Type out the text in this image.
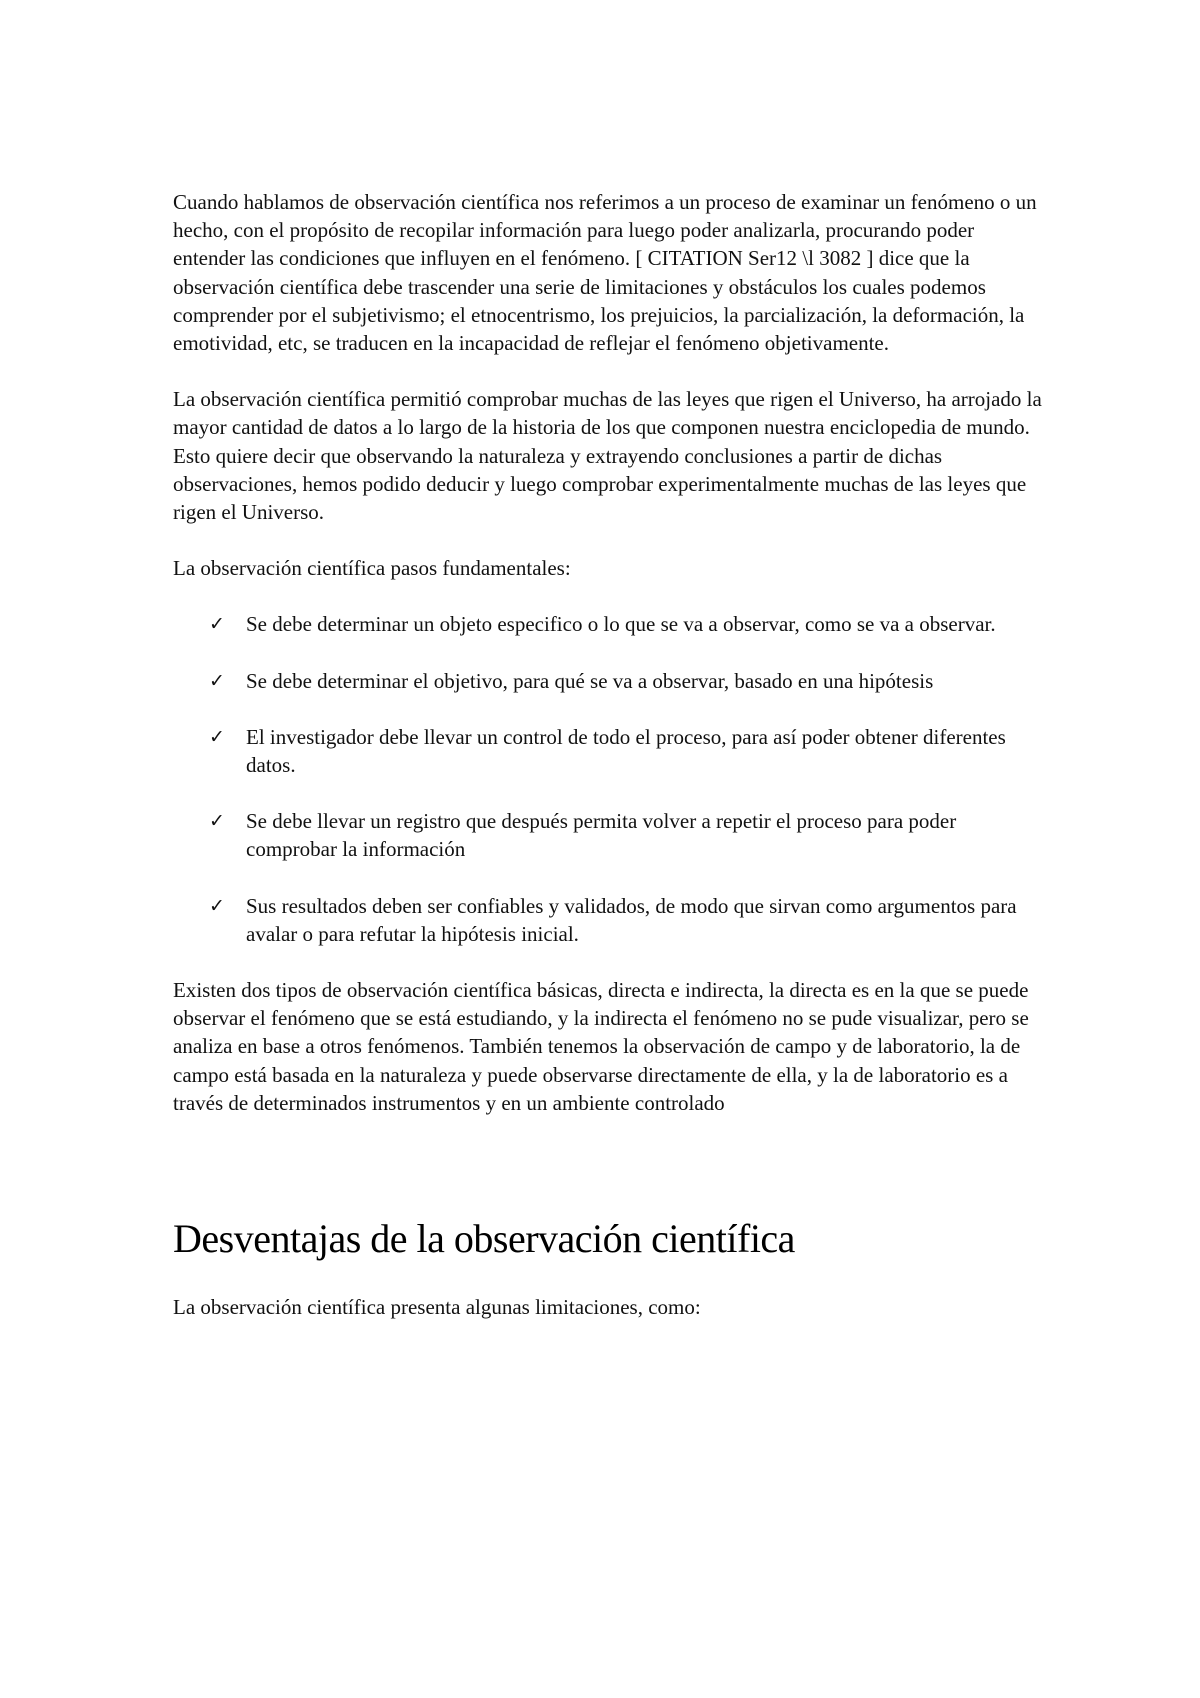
Cuando hablamos de observación científica nos referimos a un proceso de examinar un fenómeno o un hecho, con el propósito de recopilar información para luego poder analizarla, procurando poder entender las condiciones que influyen en el fenómeno. [ CITATION Ser12 \l 3082 ] dice que la observación científica debe trascender una serie de limitaciones y obstáculos los cuales podemos comprender por el subjetivismo; el etnocentrismo, los prejuicios, la parcialización, la deformación, la emotividad, etc, se traducen en la incapacidad de reflejar el fenómeno objetivamente.

La observación científica permitió comprobar muchas de las leyes que rigen el Universo, ha arrojado la mayor cantidad de datos a lo largo de la historia de los que componen nuestra enciclopedia de mundo. Esto quiere decir que observando la naturaleza y extrayendo conclusiones a partir de dichas observaciones, hemos podido deducir y luego comprobar experimentalmente muchas de las leyes que rigen el Universo.

La observación científica pasos fundamentales:

✓ Se debe determinar un objeto especifico o lo que se va a observar, como se va a observar.
✓ Se debe determinar el objetivo, para qué se va a observar, basado en una hipótesis
✓ El investigador debe llevar un control de todo el proceso, para así poder obtener diferentes datos.
✓ Se debe llevar un registro que después permita volver a repetir el proceso para poder comprobar la información
✓ Sus resultados deben ser confiables y validados, de modo que sirvan como argumentos para avalar o para refutar la hipótesis inicial.

Existen dos tipos de observación científica básicas, directa e indirecta, la directa es en la que se puede observar el fenómeno que se está estudiando, y la indirecta el fenómeno no se pude visualizar, pero se analiza en base a otros fenómenos. También tenemos la observación de campo y de laboratorio, la de campo está basada en la naturaleza y puede observarse directamente de ella, y la de laboratorio es a través de determinados instrumentos y en un ambiente controlado

Desventajas de la observación científica

La observación científica presenta algunas limitaciones, como:
